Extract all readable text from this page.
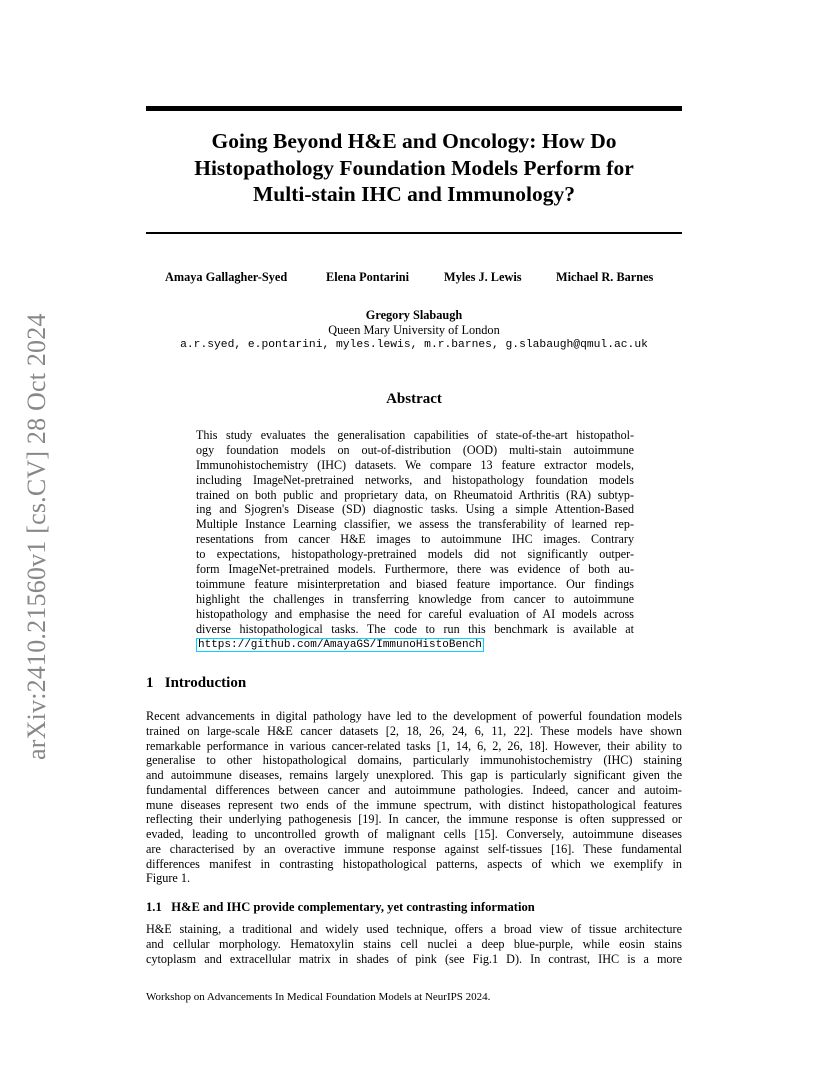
arXiv:2410.21560v1 [cs.CV] 28 Oct 2024
Going Beyond H&E and Oncology: How Do
Histopathology Foundation Models Perform for
Multi-stain IHC and Immunology?
Amaya Gallagher-Syed	Elena Pontarini	Myles J. Lewis	Michael R. Barnes
Gregory Slabaugh
Queen Mary University of London
a.r.syed, e.pontarini, myles.lewis, m.r.barnes, g.slabaugh@qmul.ac.uk
Abstract
This study evaluates the generalisation capabilities of state-of-the-art histopathol-
ogy foundation models on out-of-distribution (OOD) multi-stain autoimmune
Immunohistochemistry (IHC) datasets. We compare 13 feature extractor models,
including ImageNet-pretrained networks, and histopathology foundation models
trained on both public and proprietary data, on Rheumatoid Arthritis (RA) subtyp-
ing and Sjogren's Disease (SD) diagnostic tasks. Using a simple Attention-Based
Multiple Instance Learning classifier, we assess the transferability of learned rep-
resentations from cancer H&E images to autoimmune IHC images. Contrary
to expectations, histopathology-pretrained models did not significantly outper-
form ImageNet-pretrained models. Furthermore, there was evidence of both au-
toimmune feature misinterpretation and biased feature importance. Our findings
highlight the challenges in transferring knowledge from cancer to autoimmune
histopathology and emphasise the need for careful evaluation of AI models across
diverse histopathological tasks. The code to run this benchmark is available at
https://github.com/AmayaGS/ImmunoHistoBench
1 Introduction
Recent advancements in digital pathology have led to the development of powerful foundation models
trained on large-scale H&E cancer datasets [2, 18, 26, 24, 6, 11, 22]. These models have shown
remarkable performance in various cancer-related tasks [1, 14, 6, 2, 26, 18]. However, their ability to
generalise to other histopathological domains, particularly immunohistochemistry (IHC) staining
and autoimmune diseases, remains largely unexplored. This gap is particularly significant given the
fundamental differences between cancer and autoimmune pathologies. Indeed, cancer and autoim-
mune diseases represent two ends of the immune spectrum, with distinct histopathological features
reflecting their underlying pathogenesis [19]. In cancer, the immune response is often suppressed or
evaded, leading to uncontrolled growth of malignant cells [15]. Conversely, autoimmune diseases
are characterised by an overactive immune response against self-tissues [16]. These fundamental
differences manifest in contrasting histopathological patterns, aspects of which we exemplify in
Figure 1.
1.1 H&E and IHC provide complementary, yet contrasting information
H&E staining, a traditional and widely used technique, offers a broad view of tissue architecture
and cellular morphology. Hematoxylin stains cell nuclei a deep blue-purple, while eosin stains
cytoplasm and extracellular matrix in shades of pink (see Fig.1 D). In contrast, IHC is a more
Workshop on Advancements In Medical Foundation Models at NeurIPS 2024.
